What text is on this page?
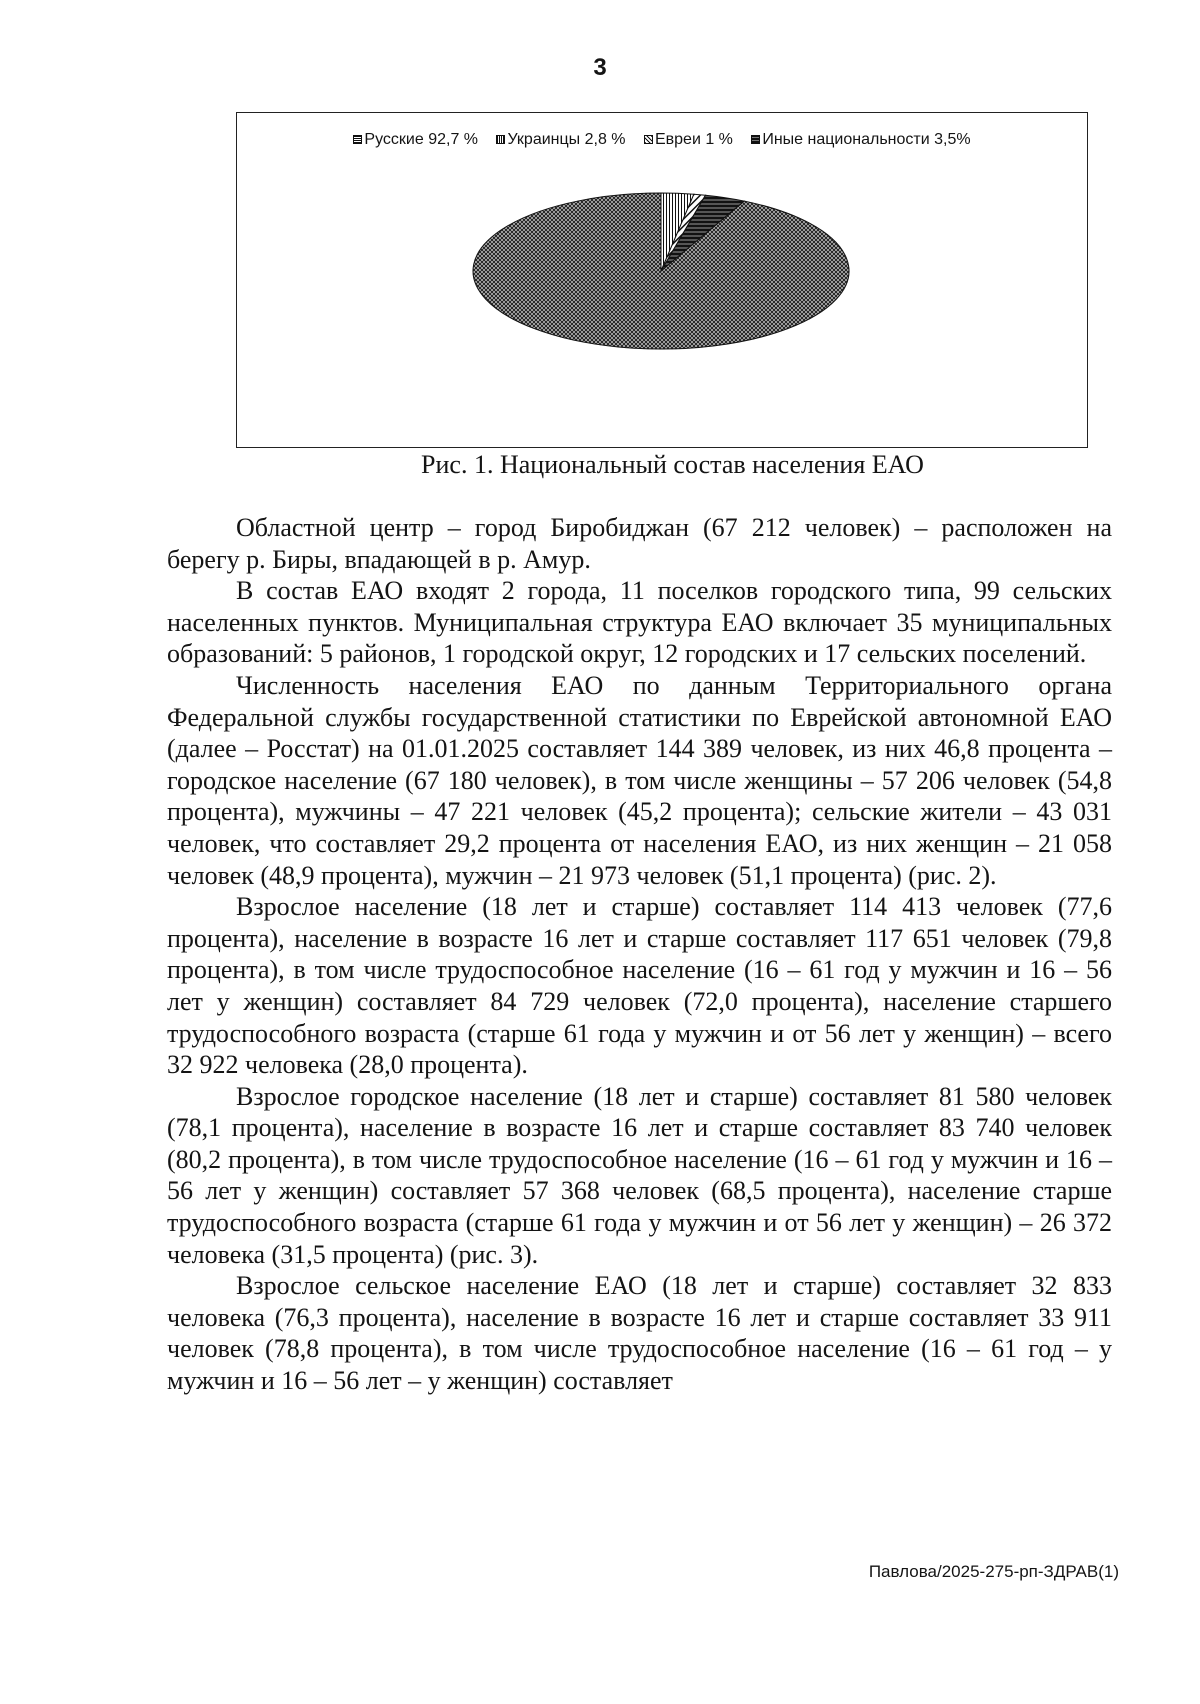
3
Русские 92,7 % Украинцы 2,8 % Евреи 1 % Иные национальности 3,5%
Рис. 1. Национальный состав населения ЕАО

Областной центр – город Биробиджан (67 212 человек) – расположен на берегу р. Биры, впадающей в р. Амур.

В состав ЕАО входят 2 города, 11 поселков городского типа, 99 сельских населенных пунктов. Муниципальная структура ЕАО включает 35 муниципальных образований: 5 районов, 1 городской округ, 12 городских и 17 сельских поселений.

Численность населения ЕАО по данным Территориального органа Федеральной службы государственной статистики по Еврейской автономной ЕАО (далее – Росстат) на 01.01.2025 составляет 144 389 человек, из них 46,8 процента – городское население (67 180 человек), в том числе женщины – 57 206 человек (54,8 процента), мужчины – 47 221 человек (45,2 процента); сельские жители – 43 031 человек, что составляет 29,2 процента от населения ЕАО, из них женщин – 21 058 человек (48,9 процента), мужчин – 21 973 человек (51,1 процента) (рис. 2).

Взрослое население (18 лет и старше) составляет 114 413 человек (77,6 процента), население в возрасте 16 лет и старше составляет 117 651 человек (79,8 процента), в том числе трудоспособное население (16 – 61 год у мужчин и 16 – 56 лет у женщин) составляет 84 729 человек (72,0 процента), население старшего трудоспособного возраста (старше 61 года у мужчин и от 56 лет у женщин) – всего 32 922 человека (28,0 процента).

Взрослое городское население (18 лет и старше) составляет 81 580 человек (78,1 процента), население в возрасте 16 лет и старше составляет 83 740 человек (80,2 процента), в том числе трудоспособное население (16 – 61 год у мужчин и 16 – 56 лет у женщин) составляет 57 368 человек (68,5 процента), население старше трудоспособного возраста (старше 61 года у мужчин и от 56 лет у женщин) – 26 372 человека (31,5 процента) (рис. 3).

Взрослое сельское население ЕАО (18 лет и старше) составляет 32 833 человека (76,3 процента), население в возрасте 16 лет и старше составляет 33 911 человек (78,8 процента), в том числе трудоспособное население (16 – 61 год – у мужчин и 16 – 56 лет – у женщин) составляет

Павлова/2025-275-рп-ЗДРАВ(1)
